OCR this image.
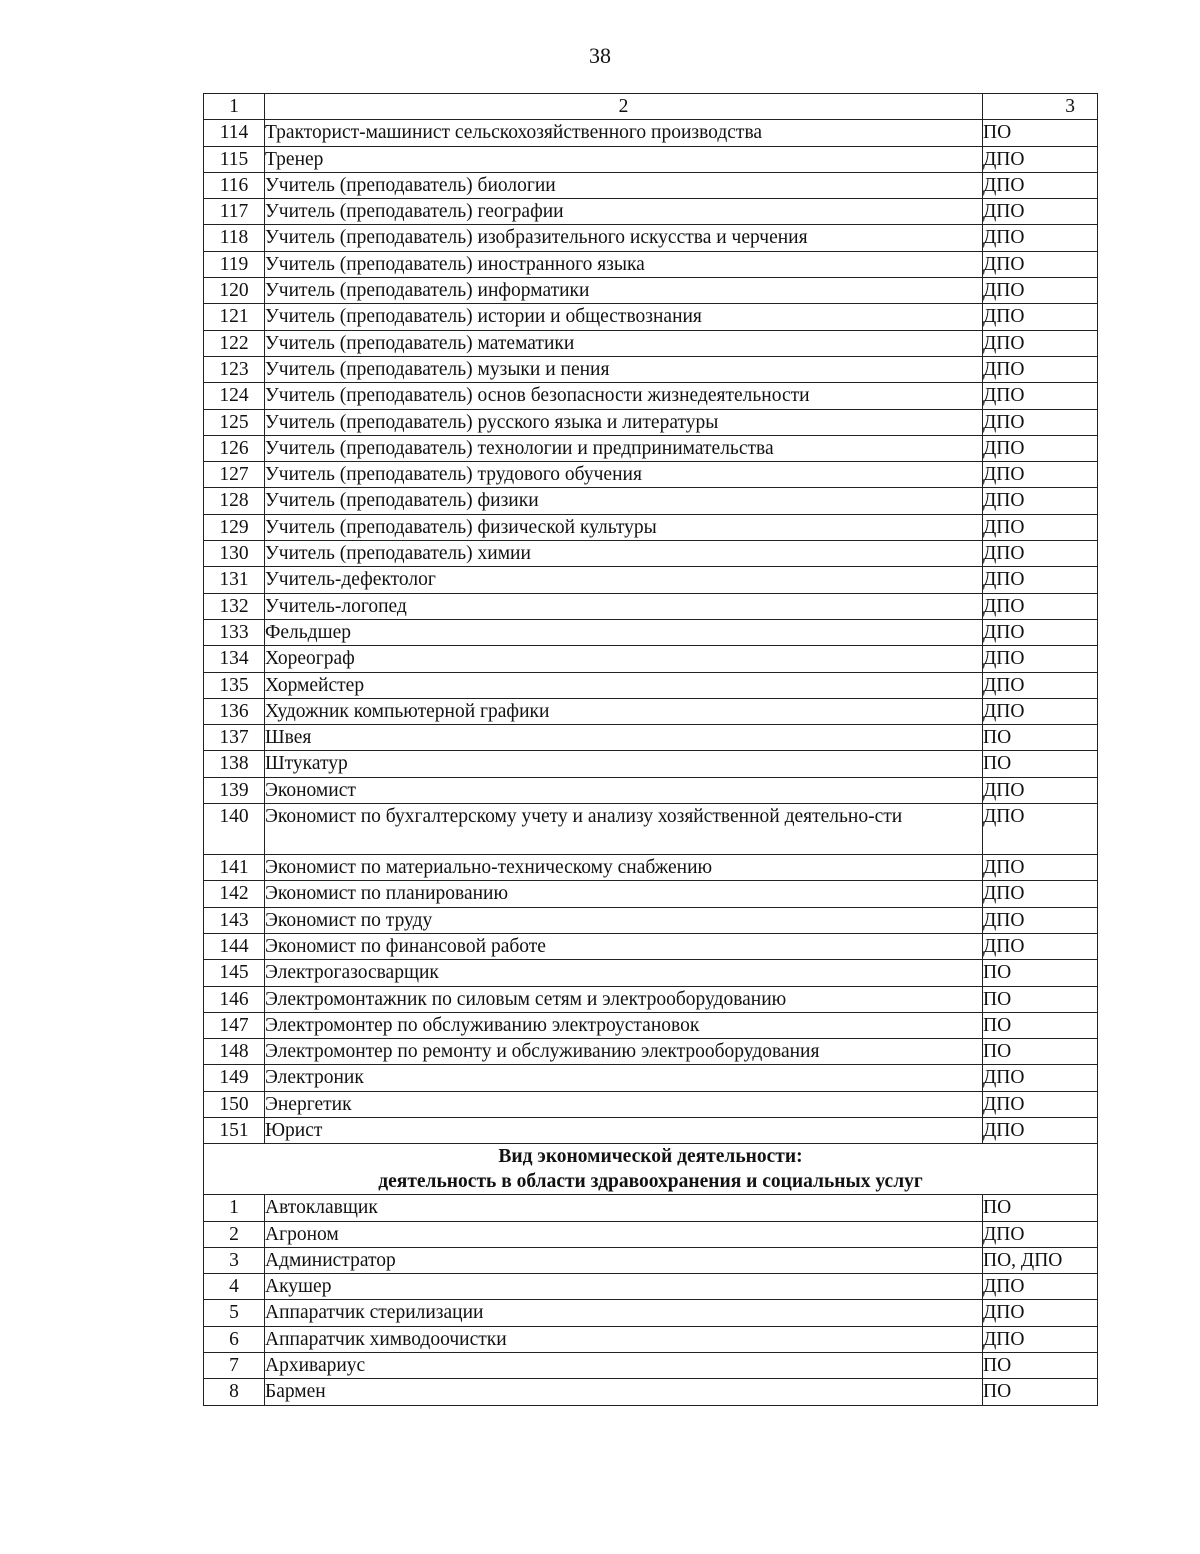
38
1	2	3
114	Тракторист-машинист сельскохозяйственного производства	ПО
115	Тренер	ДПО
116	Учитель (преподаватель) биологии	ДПО
117	Учитель (преподаватель) географии	ДПО
118	Учитель (преподаватель) изобразительного искусства и черчения	ДПО
119	Учитель (преподаватель) иностранного языка	ДПО
120	Учитель (преподаватель) информатики	ДПО
121	Учитель (преподаватель) истории и обществознания	ДПО
122	Учитель (преподаватель) математики	ДПО
123	Учитель (преподаватель) музыки и пения	ДПО
124	Учитель (преподаватель) основ безопасности жизнедеятельности	ДПО
125	Учитель (преподаватель) русского языка и литературы	ДПО
126	Учитель (преподаватель) технологии и предпринимательства	ДПО
127	Учитель (преподаватель) трудового обучения	ДПО
128	Учитель (преподаватель) физики	ДПО
129	Учитель (преподаватель) физической культуры	ДПО
130	Учитель (преподаватель) химии	ДПО
131	Учитель-дефектолог	ДПО
132	Учитель-логопед	ДПО
133	Фельдшер	ДПО
134	Хореограф	ДПО
135	Хормейстер	ДПО
136	Художник компьютерной графики	ДПО
137	Швея	ПО
138	Штукатур	ПО
139	Экономист	ДПО
140	Экономист по бухгалтерскому учету и анализу хозяйственной деятельно-сти	ДПО
141	Экономист по материально-техническому снабжению	ДПО
142	Экономист по планированию	ДПО
143	Экономист по труду	ДПО
144	Экономист по финансовой работе	ДПО
145	Электрогазосварщик	ПО
146	Электромонтажник по силовым сетям и электрооборудованию	ПО
147	Электромонтер по обслуживанию электроустановок	ПО
148	Электромонтер по ремонту и обслуживанию электрооборудования	ПО
149	Электроник	ДПО
150	Энергетик	ДПО
151	Юрист	ДПО

Вид экономической деятельности:
деятельность в области здравоохранения и социальных услуг		

1	Автоклавщик	ПО
2	Агроном	ДПО
3	Администратор	ПО, ДПО
4	Акушер	ДПО
5	Аппаратчик стерилизации	ДПО
6	Аппаратчик химводоочистки	ДПО
7	Архивариус	ПО
8	Бармен	ПО
